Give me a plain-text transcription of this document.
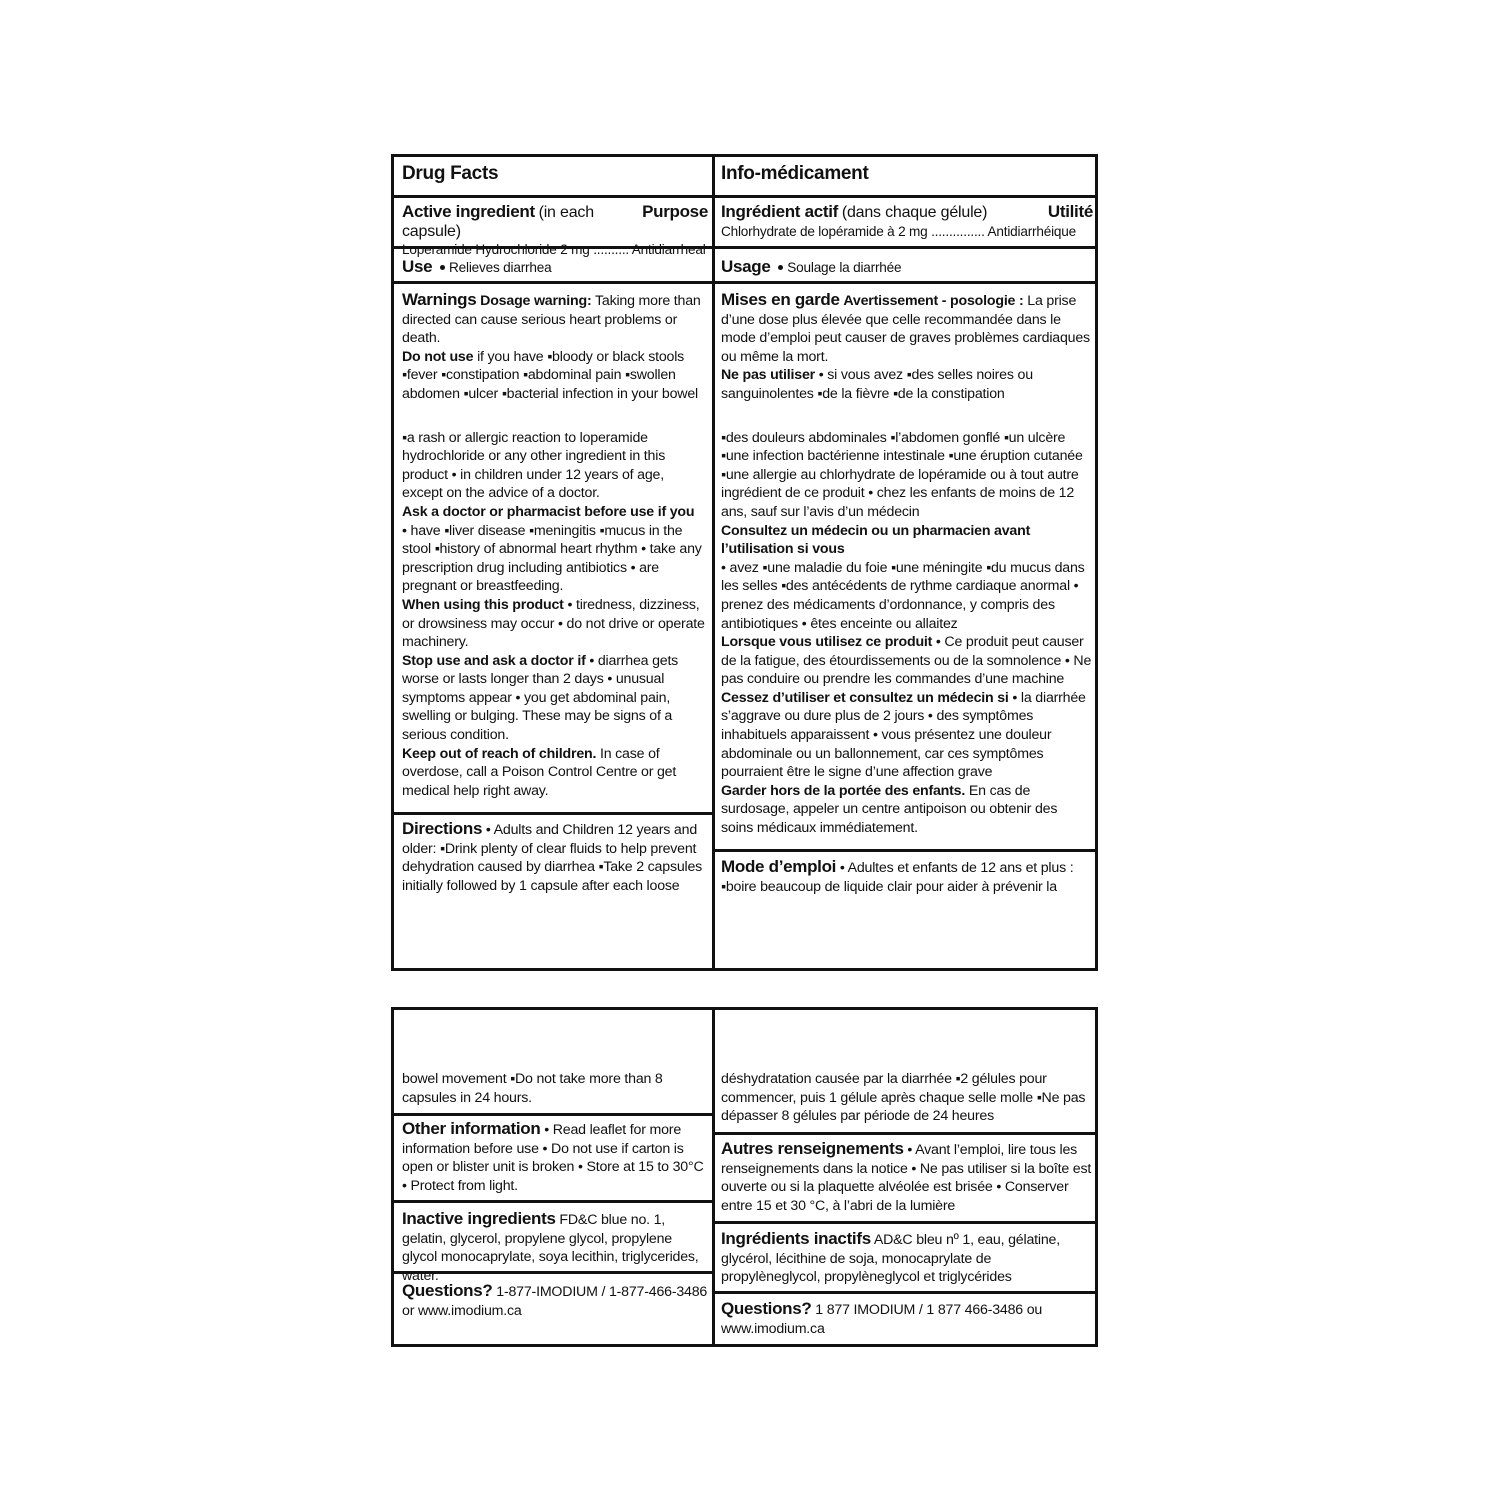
Drug Facts
Active ingredient (in each capsule)
Purpose

Loperamide Hydrochloride 2 mg .......... Antidiarrheal

Use Relieves diarrhea

Warnings Dosage warning: Taking more than directed can cause serious heart problems or death.

Do not use if you have ▪bloody or black stools ▪fever ▪constipation ▪abdominal pain ▪swollen abdomen ▪ulcer ▪bacterial infection in your bowel

▪a rash or allergic reaction to loperamide hydrochloride or any other ingredient in this product • in children under 12 years of age, except on the advice of a doctor.

Ask a doctor or pharmacist before use if you

• have ▪liver disease ▪meningitis ▪mucus in the stool ▪history of abnormal heart rhythm • take any prescription drug including antibiotics • are pregnant or breastfeeding.

When using this product • tiredness, dizziness, or drowsiness may occur • do not drive or operate machinery.

Stop use and ask a doctor if • diarrhea gets worse or lasts longer than 2 days • unusual symptoms appear • you get abdominal pain, swelling or bulging. These may be signs of a serious condition.

Keep out of reach of children. In case of overdose, call a Poison Control Centre or get medical help right away.

Directions • Adults and Children 12 years and older: ▪Drink plenty of clear fluids to help prevent dehydration caused by diarrhea ▪Take 2 capsules initially followed by 1 capsule after each loose
Info-médicament
Ingrédient actif (dans chaque gélule)	Utilité

Chlorhydrate de lopéramide à 2 mg ............... Antidiarrhéique

Usage Soulage la diarrhée

Mises en garde Avertissement - posologie : La prise d’une dose plus élevée que celle recommandée dans le mode d’emploi peut causer de graves problèmes cardiaques ou même la mort.

Ne pas utiliser • si vous avez ▪des selles noires ou sanguinolentes ▪de la fièvre ▪de la constipation

▪des douleurs abdominales ▪l’abdomen gonflé ▪un ulcère ▪une infection bactérienne intestinale ▪une éruption cutanée ▪une allergie au chlorhydrate de lopéramide ou à tout autre ingrédient de ce produit • chez les enfants de moins de 12 ans, sauf sur l’avis d’un médecin

Consultez un médecin ou un pharmacien avant l’utilisation si vous

• avez ▪une maladie du foie ▪une méningite ▪du mucus dans les selles ▪des antécédents de rythme cardiaque anormal • prenez des médicaments d’ordonnance, y compris des antibiotiques • êtes enceinte ou allaitez

Lorsque vous utilisez ce produit • Ce produit peut causer de la fatigue, des étourdissements ou de la somnolence • Ne pas conduire ou prendre les commandes d’une machine

Cessez d’utiliser et consultez un médecin si • la diarrhée s’aggrave ou dure plus de 2 jours • des symptômes inhabituels apparaissent • vous présentez une douleur abdominale ou un ballonnement, car ces symptômes pourraient être le signe d’une affection grave

Garder hors de la portée des enfants. En cas de surdosage, appeler un centre antipoison ou obtenir des soins médicaux immédiatement.

Mode d’emploi • Adultes et enfants de 12 ans et plus : ▪boire beaucoup de liquide clair pour aider à prévenir la
bowel movement ▪Do not take more than 8 capsules in 24 hours.
Other information • Read leaflet for more information before use • Do not use if carton is open or blister unit is broken • Store at 15 to 30°C • Protect from light.
Inactive ingredients FD&C blue no. 1, gelatin, glycerol, propylene glycol, propylene glycol monocaprylate, soya lecithin, triglycerides, water.
Questions? 1-877-IMODIUM / 1-877-466-3486 or www.imodium.ca
déshydratation causée par la diarrhée ▪2 gélules pour commencer, puis 1 gélule après chaque selle molle ▪Ne pas dépasser 8 gélules par période de 24 heures
Autres renseignements • Avant l’emploi, lire tous les renseignements dans la notice • Ne pas utiliser si la boîte est ouverte ou si la plaquette alvéolée est brisée • Conserver entre 15 et 30 °C, à l’abri de la lumière
Ingrédients inactifs AD&C bleu nº 1, eau, gélatine, glycérol, lécithine de soja, monocaprylate de propylèneglycol, propylèneglycol et triglycérides
Questions? 1 877 IMODIUM / 1 877 466-3486 ou www.imodium.ca
